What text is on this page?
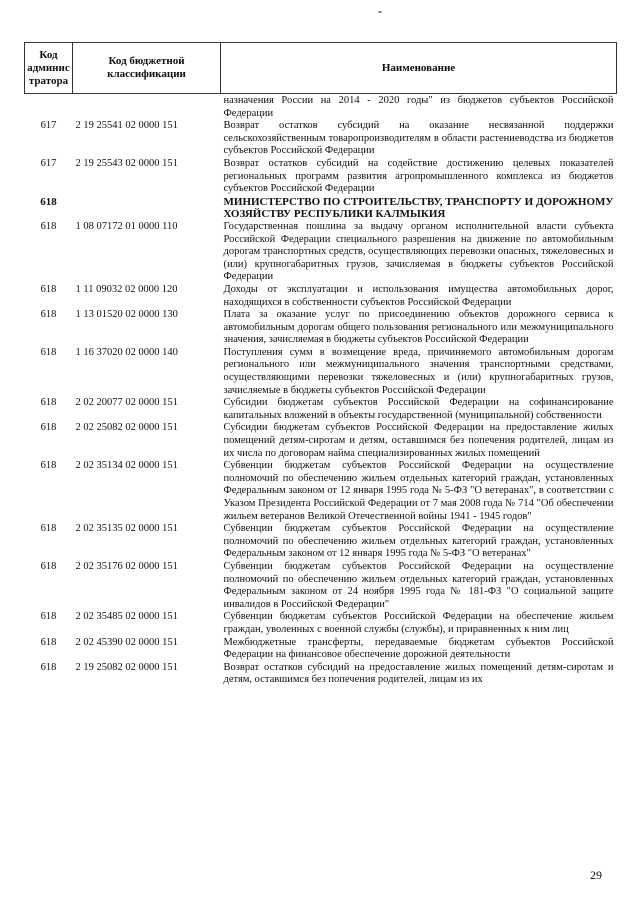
-
Код админис тратора	Код бюджетной классификации	Наименование
		назначения России на 2014 - 2020 годы" из бюджетов субъектов Российской Федерации
617	2 19 25541 02 0000 151	Возврат остатков субсидий на оказание несвязанной поддержки сельскохозяйственным товаропроизводителям в области растениеводства из бюджетов субъектов Российской Федерации
617	2 19 25543 02 0000 151	Возврат остатков субсидий на содействие достижению целевых показателей региональных программ развития агропромышленного комплекса из бюджетов субъектов Российской Федерации
618		МИНИСТЕРСТВО ПО СТРОИТЕЛЬСТВУ, ТРАНСПОРТУ И ДОРОЖНОМУ ХОЗЯЙСТВУ РЕСПУБЛИКИ КАЛМЫКИЯ
618	1 08 07172 01 0000 110	Государственная пошлина за выдачу органом исполнительной власти субъекта Российской Федерации специального разрешения на движение по автомобильным дорогам транспортных средств, осуществляющих перевозки опасных, тяжеловесных и (или) крупногабаритных грузов, зачисляемая в бюджеты субъектов Российской Федерации
618	1 11 09032 02 0000 120	Доходы от эксплуатации и использования имущества автомобильных дорог, находящихся в собственности субъектов Российской Федерации
618	1 13 01520 02 0000 130	Плата за оказание услуг по присоединению объектов дорожного сервиса к автомобильным дорогам общего пользования регионального или межмуниципального значения, зачисляемая в бюджеты субъектов Российской Федерации
618	1 16 37020 02 0000 140	Поступления сумм в возмещение вреда, причиняемого автомобильным дорогам регионального или межмуниципального значения транспортными средствами, осуществляющими перевозки тяжеловесных и (или) крупногабаритных грузов, зачисляемые в бюджеты субъектов Российской Федерации
618	2 02 20077 02 0000 151	Субсидии бюджетам субъектов Российской Федерации на софинансирование капитальных вложений в объекты государственной (муниципальной) собственности
618	2 02 25082 02 0000 151	Субсидии бюджетам субъектов Российской Федерации на предоставление жилых помещений детям-сиротам и детям, оставшимся без попечения родителей, лицам из их числа по договорам найма специализированных жилых помещений
618	2 02 35134 02 0000 151	Субвенции бюджетам субъектов Российской Федерации на осуществление полномочий по обеспечению жильем отдельных категорий граждан, установленных Федеральным законом от 12 января 1995 года № 5-ФЗ "О ветеранах", в соответствии с Указом Президента Российской Федерации от 7 мая 2008 года № 714 "Об обеспечении жильем ветеранов Великой Отечественной войны 1941 - 1945 годов"
618	2 02 35135 02 0000 151	Субвенции бюджетам субъектов Российской Федерации на осуществление полномочий по обеспечению жильем отдельных категорий граждан, установленных Федеральным законом от 12 января 1995 года № 5-ФЗ "О ветеранах"
618	2 02 35176 02 0000 151	Субвенции бюджетам субъектов Российской Федерации на осуществление полномочий по обеспечению жильем отдельных категорий граждан, установленных Федеральным законом от 24 ноября 1995 года № 181-ФЗ "О социальной защите инвалидов в Российской Федерации"
618	2 02 35485 02 0000 151	Субвенции бюджетам субъектов Российской Федерации на обеспечение жильем граждан, уволенных с военной службы (службы), и приравненных к ним лиц
618	2 02 45390 02 0000 151	Межбюджетные трансферты, передаваемые бюджетам субъектов Российской Федерации на финансовое обеспечение дорожной деятельности
618	2 19 25082 02 0000 151	Возврат остатков субсидий на предоставление жилых помещений детям-сиротам и детям, оставшимся без попечения родителей, лицам из их
29
